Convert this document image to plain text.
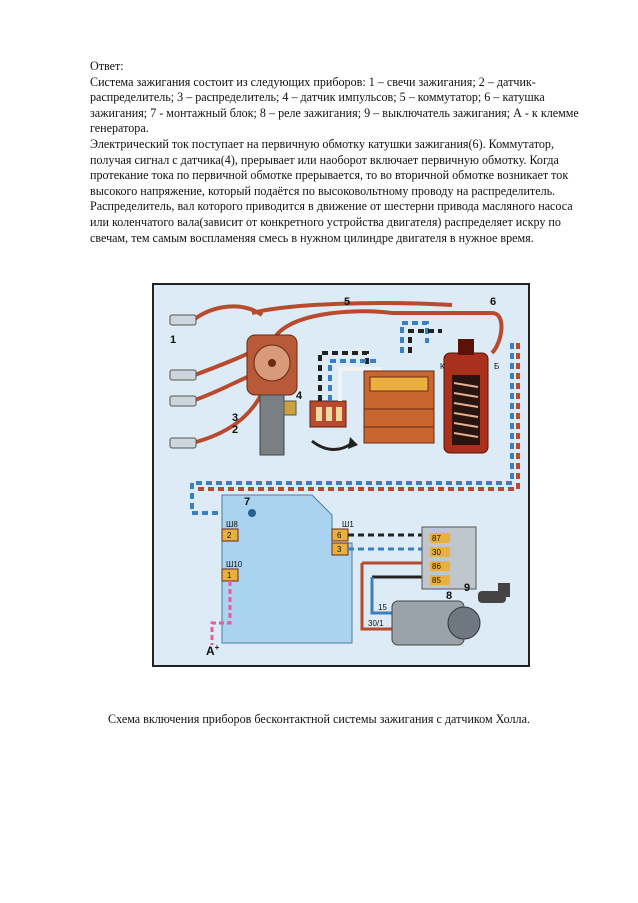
Ответ:

Система зажигания состоит из следующих приборов: 1 – свечи зажигания; 2 – датчик-распределитель; 3 – распределитель; 4 – датчик импульсов; 5 – коммутатор; 6 – катушка зажигания; 7 - монтажный блок; 8 – реле зажигания; 9 – выключатель зажигания; А - к клемме генератора.

Электрический ток поступает на первичную обмотку катушки зажигания(6). Коммутатор, получая сигнал с датчика(4), прерывает или наоборот включает первичную обмотку. Когда протекание тока по первичной обмотке прерывается, то во вторичной обмотке возникает ток высокого напряжение, который подаётся по высоковольтному проводу на распределитель. Распределитель, вал которого приводится в движение от шестерни привода масляного насоса или коленчатого вала(зависит от конкретного устройства двигателя) распределяет искру по свечам, тем самым воспламеняя смесь в нужном цилиндре двигателя в нужное время.

1
2
3
4
5	6
7
8
9
Ш8	Ш1
Ш10
2	6
3
1
87
30
86
85
15
30/1
К	Б
A+
Схема включения приборов бесконтактной системы зажигания с датчиком Холла.
